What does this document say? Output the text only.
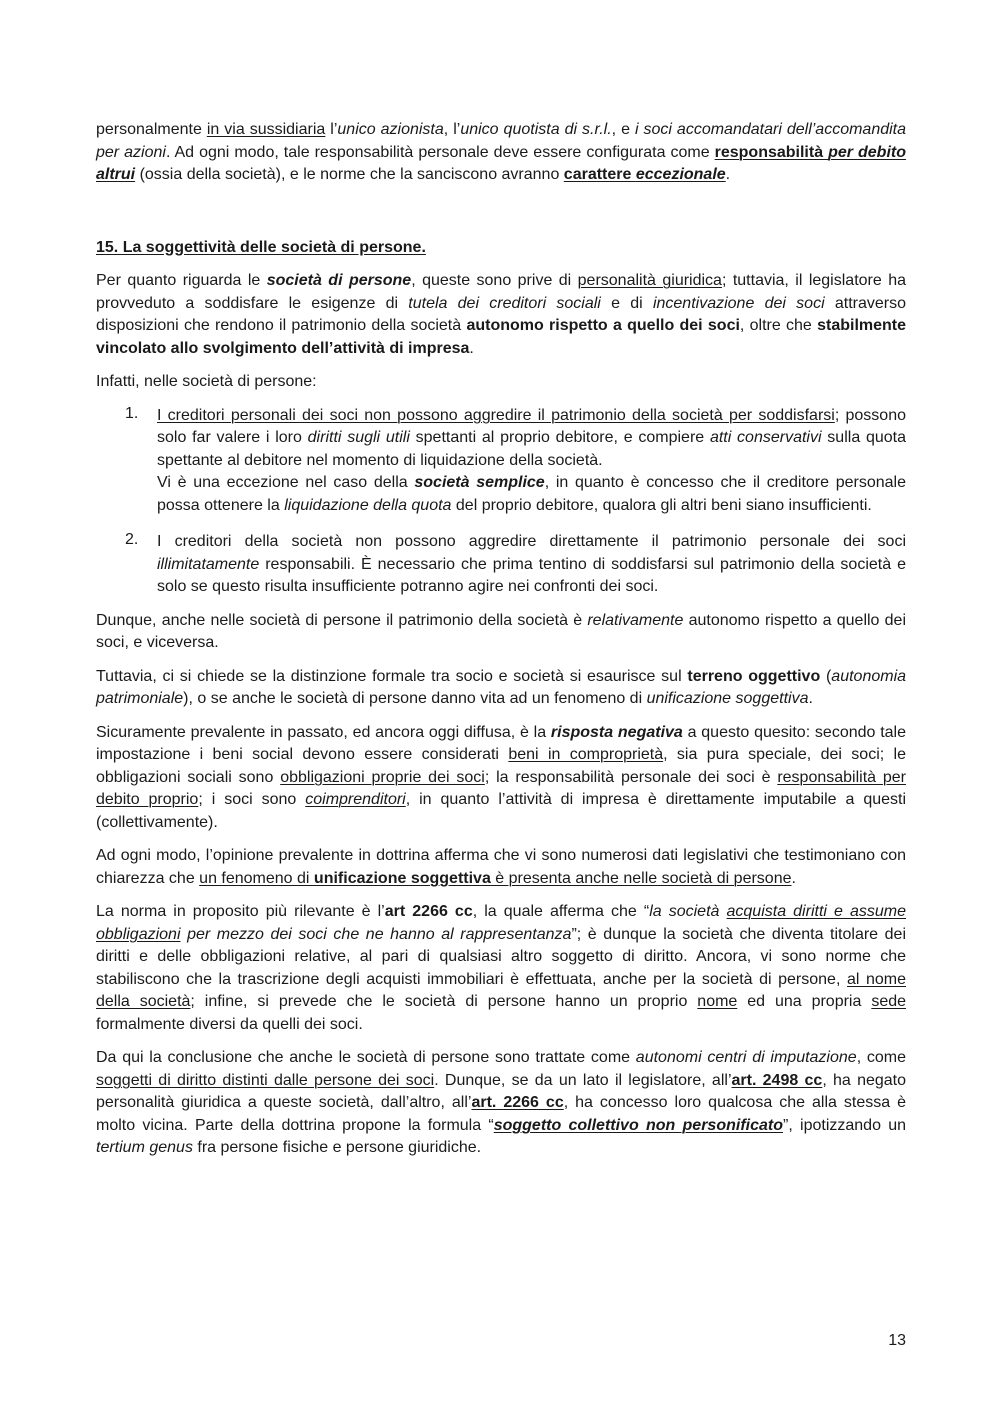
personalmente in via sussidiaria l’unico azionista, l’unico quotista di s.r.l., e i soci accomandatari dell’accomandita per azioni. Ad ogni modo, tale responsabilità personale deve essere configurata come responsabilità per debito altrui (ossia della società), e le norme che la sanciscono avranno carattere eccezionale.

15. La soggettività delle società di persone.

Per quanto riguarda le società di persone, queste sono prive di personalità giuridica; tuttavia, il legislatore ha provveduto a soddisfare le esigenze di tutela dei creditori sociali e di incentivazione dei soci attraverso disposizioni che rendono il patrimonio della società autonomo rispetto a quello dei soci, oltre che stabilmente vincolato allo svolgimento dell’attività di impresa.

Infatti, nelle società di persone:

1. I creditori personali dei soci non possono aggredire il patrimonio della società per soddisfarsi; possono solo far valere i loro diritti sugli utili spettanti al proprio debitore, e compiere atti conservativi sulla quota spettante al debitore nel momento di liquidazione della società.

Vi è una eccezione nel caso della società semplice, in quanto è concesso che il creditore personale possa ottenere la liquidazione della quota del proprio debitore, qualora gli altri beni siano insufficienti.

2. I creditori della società non possono aggredire direttamente il patrimonio personale dei soci illimitatamente responsabili. È necessario che prima tentino di soddisfarsi sul patrimonio della società e solo se questo risulta insufficiente potranno agire nei confronti dei soci.

Dunque, anche nelle società di persone il patrimonio della società è relativamente autonomo rispetto a quello dei soci, e viceversa.

Tuttavia, ci si chiede se la distinzione formale tra socio e società si esaurisce sul terreno oggettivo (autonomia patrimoniale), o se anche le società di persone danno vita ad un fenomeno di unificazione soggettiva.

Sicuramente prevalente in passato, ed ancora oggi diffusa, è la risposta negativa a questo quesito: secondo tale impostazione i beni social devono essere considerati beni in comproprietà, sia pura speciale, dei soci; le obbligazioni sociali sono obbligazioni proprie dei soci; la responsabilità personale dei soci è responsabilità per debito proprio; i soci sono coimprenditori, in quanto l’attività di impresa è direttamente imputabile a questi (collettivamente).

Ad ogni modo, l’opinione prevalente in dottrina afferma che vi sono numerosi dati legislativi che testimoniano con chiarezza che un fenomeno di unificazione soggettiva è presenta anche nelle società di persone.

La norma in proposito più rilevante è l’art 2266 cc, la quale afferma che “la società acquista diritti e assume obbligazioni per mezzo dei soci che ne hanno al rappresentanza”; è dunque la società che diventa titolare dei diritti e delle obbligazioni relative, al pari di qualsiasi altro soggetto di diritto. Ancora, vi sono norme che stabiliscono che la trascrizione degli acquisti immobiliari è effettuata, anche per la società di persone, al nome della società; infine, si prevede che le società di persone hanno un proprio nome ed una propria sede formalmente diversi da quelli dei soci.

Da qui la conclusione che anche le società di persone sono trattate come autonomi centri di imputazione, come soggetti di diritto distinti dalle persone dei soci. Dunque, se da un lato il legislatore, all’art. 2498 cc, ha negato personalità giuridica a queste società, dall’altro, all’art. 2266 cc, ha concesso loro qualcosa che alla stessa è molto vicina. Parte della dottrina propone la formula “soggetto collettivo non personificato”, ipotizzando un tertium genus fra persone fisiche e persone giuridiche.

13
